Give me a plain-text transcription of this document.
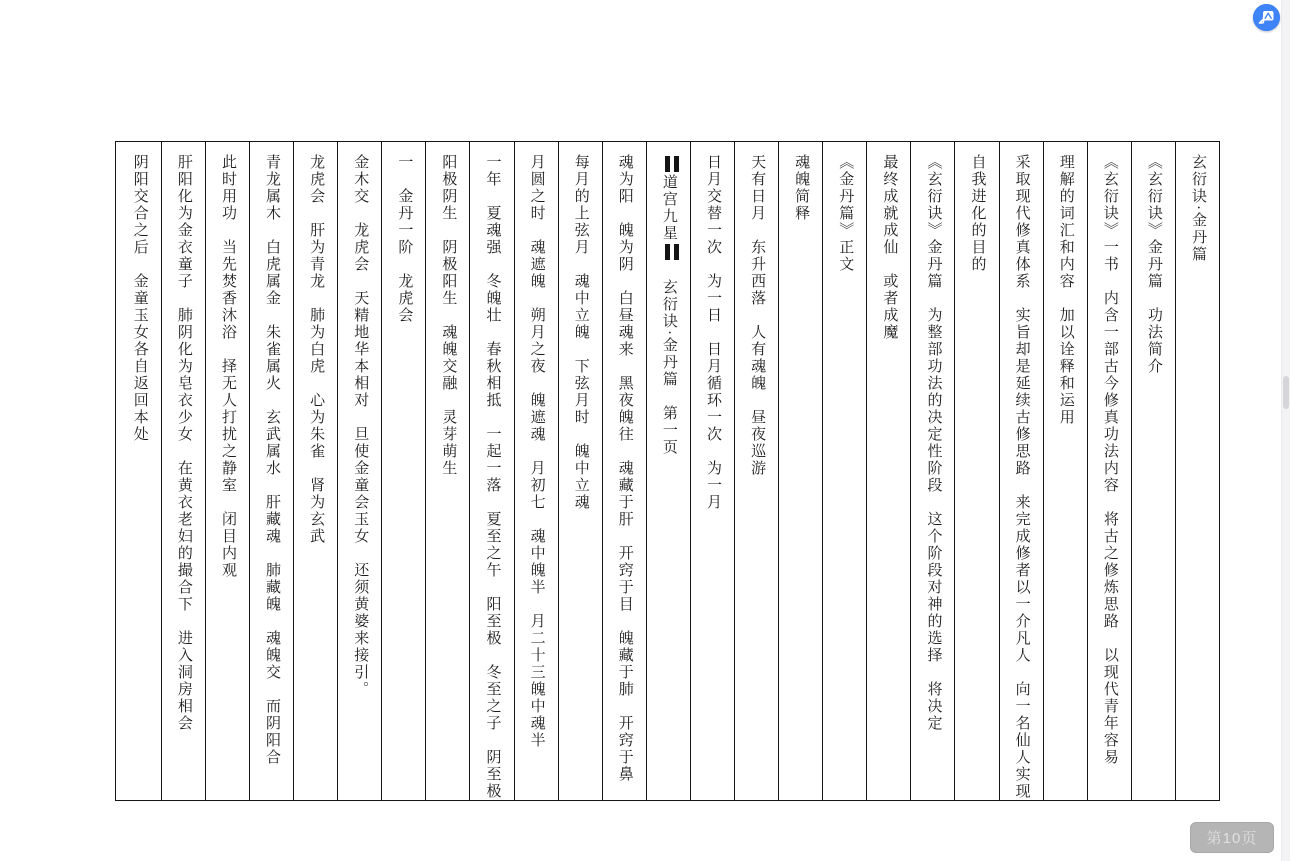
玄衍诀·金丹篇
《玄衍诀》金丹篇　功法简介
《玄衍诀》一书　内含一部古今修真功法内容　将古之修炼思路　以现代青年容易
理解的词汇和内容　加以诠释和运用
采取现代修真体系　实旨却是延续古修思路　来完成修者以一介凡人　向一名仙人实现
自我进化的目的
《玄衍诀》金丹篇　为整部功法的决定性阶段　这个阶段对神的选择　将决定
最终成就成仙　或者成魔
《金丹篇》正文
魂魄简释
天有日月　东升西落　人有魂魄　昼夜巡游
日月交替一次　为一日　日月循环一次　为一月
道宫九星　玄衍诀·金丹篇　第一页
魂为阳　魄为阴　白昼魂来　黑夜魄往　魂藏于肝　开窍于目　魄藏于肺　开窍于鼻
每月的上弦月　魂中立魄　下弦月时　魄中立魂
月圆之时　魂遮魄　朔月之夜　魄遮魂　月初七　魂中魄半　月二十三魄中魂半
一年　夏魂强　冬魄壮　春秋相抵　一起一落　夏至之午　阳至极　冬至之子　阴至极
阳极阴生　阴极阳生　魂魄交融　灵芽萌生
一　金丹一阶　龙虎会
金木交　龙虎会　天精地华本相对　旦使金童会玉女　还须黄婆来接引。
龙虎会　肝为青龙　肺为白虎　心为朱雀　肾为玄武
青龙属木　白虎属金　朱雀属火　玄武属水　肝藏魂　肺藏魄　魂魄交　而阴阳合
此时用功　当先焚香沐浴　择无人打扰之静室　闭目内观
肝阳化为金衣童子　肺阴化为皂衣少女　在黄衣老妇的撮合下　进入洞房相会
阴阳交合之后　金童玉女各自返回本处
第10页
